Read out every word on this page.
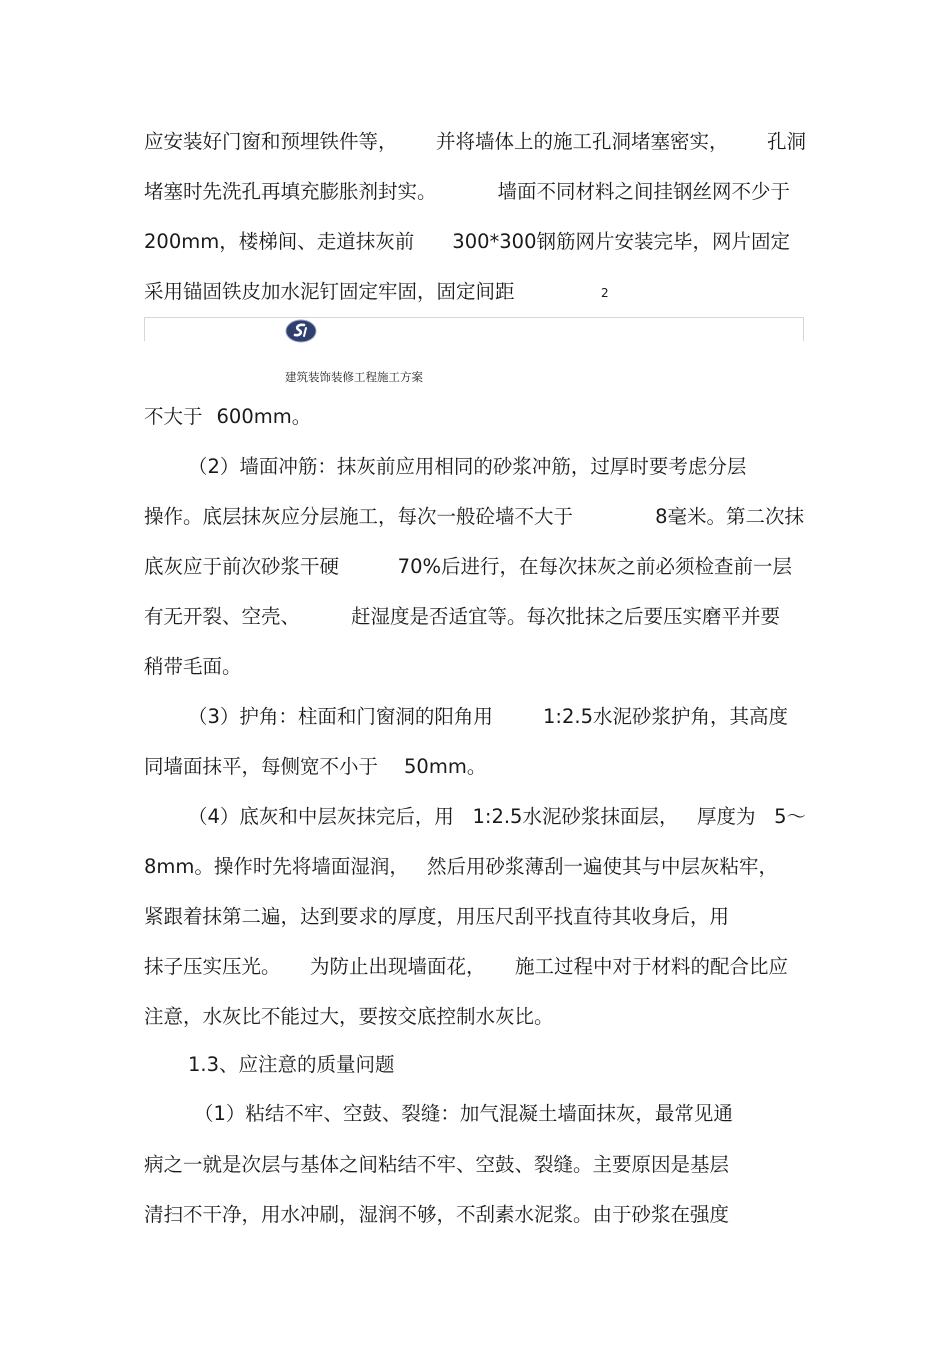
应安装好门窗和预埋铁件等， 并将墙体上的施工孔洞堵塞密实， 孔洞
堵塞时先洗孔再填充膨胀剂封实。	墙面不同材料之间挂钢丝网不少于
200mm，楼梯间、走道抹灰前 300*300钢筋网片安装完毕，网片固定
采用锚固铁皮加水泥钉固定牢固，固定间距	2
建筑装饰装修工程施工方案
不大于 600mm。
（2）墙面冲筋：抹灰前应用相同的砂浆冲筋，过厚时要考虑分层
操作。底层抹灰应分层施工，每次一般砼墙不大于	8毫米。第二次抹
底灰应于前次砂浆干硬	70%后进行，在每次抹灰之前必须检查前一层
有无开裂、空壳、	赶湿度是否适宜等。每次批抹之后要压实磨平并要
稍带毛面。
（3）护角：柱面和门窗洞的阳角用	1:2.5水泥砂浆护角，其高度
同墙面抹平，每侧宽不小于 50mm。
（4）底灰和中层灰抹完后，用 1:2.5水泥砂浆抹面层， 厚度为 5～
8mm。操作时先将墙面湿润， 然后用砂浆薄刮一遍使其与中层灰粘牢，
紧跟着抹第二遍，达到要求的厚度，用压尺刮平找直待其收身后，用
抹子压实压光。 为防止出现墙面花， 施工过程中对于材料的配合比应
注意，水灰比不能过大，要按交底控制水灰比。
1.3、应注意的质量问题
（1）粘结不牢、空鼓、裂缝：加气混凝土墙面抹灰，最常见通
病之一就是次层与基体之间粘结不牢、空鼓、裂缝。主要原因是基层
清扫不干净，用水冲刷，湿润不够，不刮素水泥浆。由于砂浆在强度
